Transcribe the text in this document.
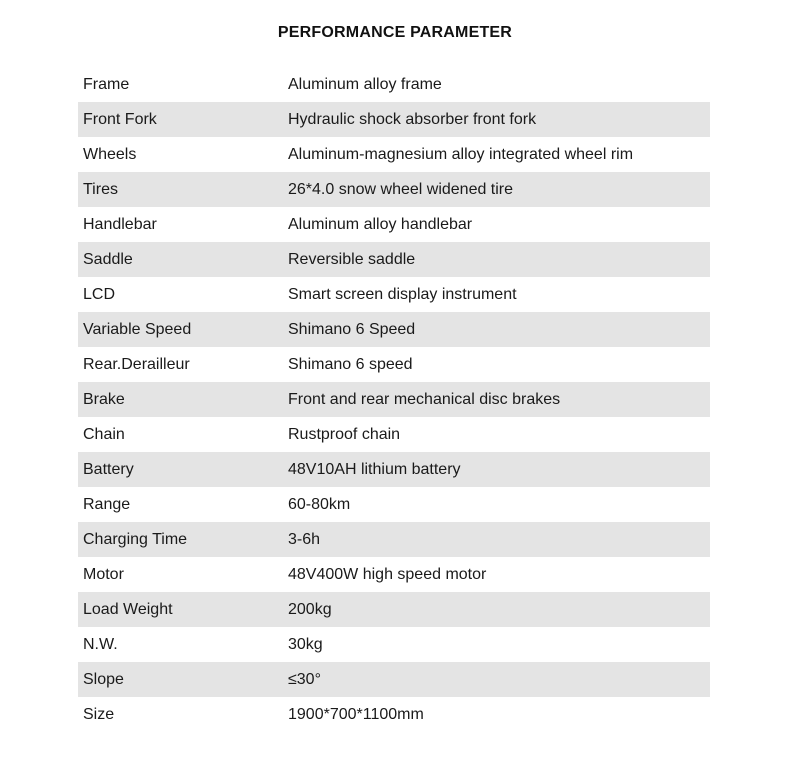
PERFORMANCE PARAMETER
Frame	Aluminum alloy frame
Front Fork	Hydraulic shock absorber front fork
Wheels	Aluminum-magnesium alloy integrated wheel rim
Tires	26*4.0 snow wheel widened tire
Handlebar	Aluminum alloy handlebar
Saddle	Reversible saddle
LCD	Smart screen display instrument
Variable Speed	Shimano 6 Speed
Rear.Derailleur	Shimano 6 speed
Brake	Front and rear mechanical disc brakes
Chain	Rustproof chain
Battery	48V10AH lithium battery
Range	60-80km
Charging Time	3-6h
Motor	48V400W high speed motor
Load Weight	200kg
N.W.	30kg
Slope	≤30°
Size	1900*700*1100mm
